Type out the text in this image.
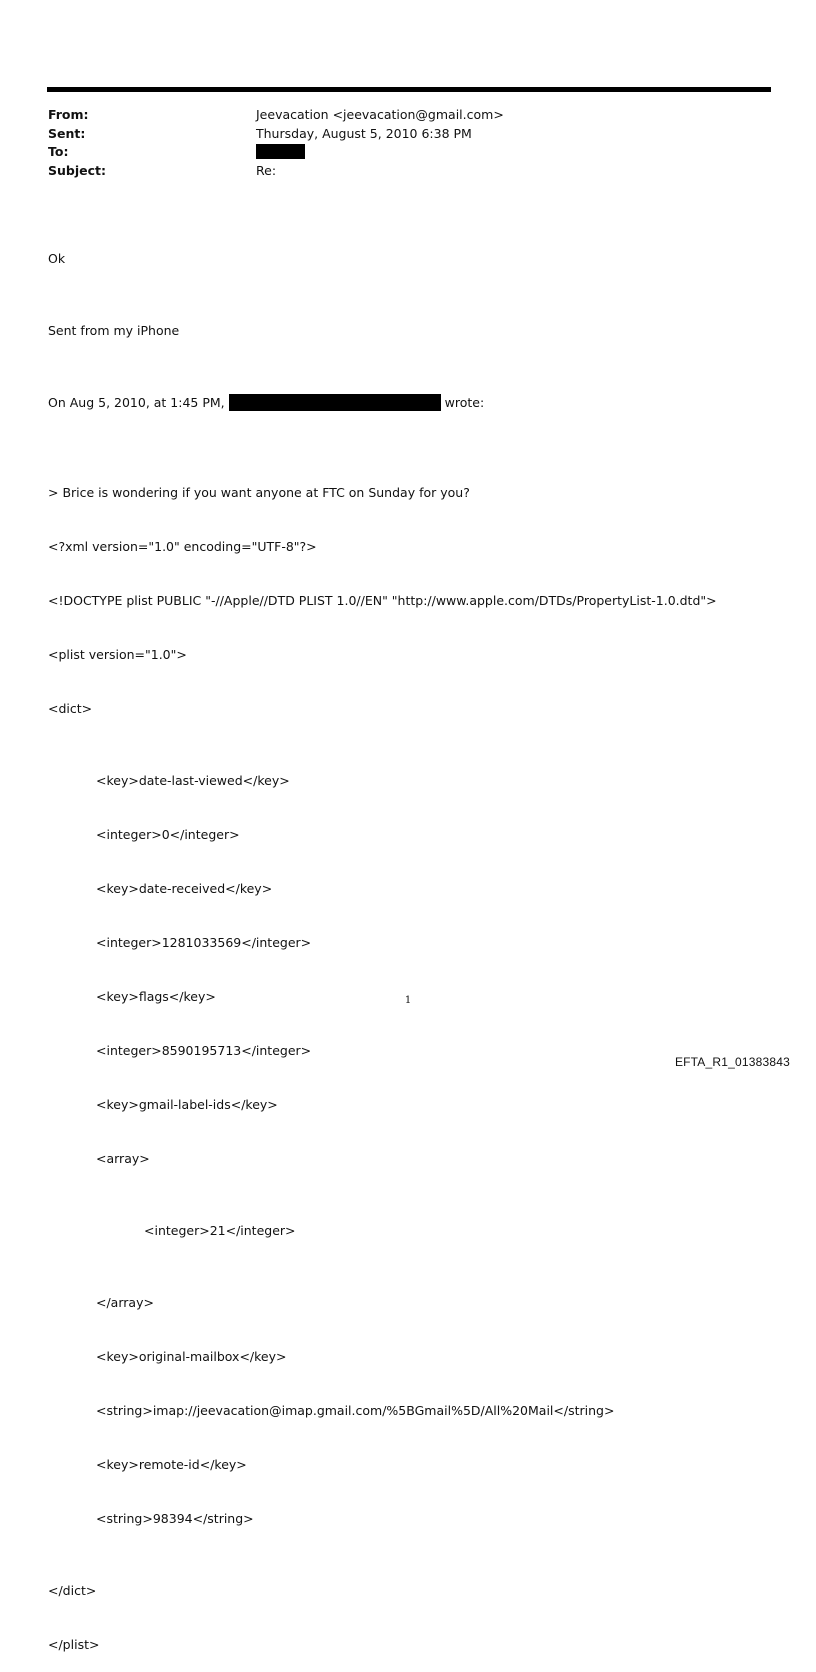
From:	Jeevacation <jeevacation@gmail.com>
Sent:	Thursday, August 5, 2010 6:38 PM
To:
Subject:	Re:

Ok

Sent from my iPhone

On Aug 5, 2010, at 1:45 PM,	wrote:

> Brice is wondering if you want anyone at FTC on Sunday for you?

<?xml version="1.0" encoding="UTF-8"?>

<!DOCTYPE plist PUBLIC "-//Apple//DTD PLIST 1.0//EN" "http://www.apple.com/DTDs/PropertyList-1.0.dtd">

<plist version="1.0">

<dict>

<key>date-last-viewed</key>

<integer>0</integer>

<key>date-received</key>

<integer>1281033569</integer>

<key>flags</key>

<integer>8590195713</integer>

<key>gmail-label-ids</key>

<array>

<integer>21</integer>

</array>

<key>original-mailbox</key>

<string>imap://jeevacation@imap.gmail.com/%5BGmail%5D/All%20Mail</string>

<key>remote-id</key>

<string>98394</string>

</dict>

</plist>

1
EFTA_R1_01383843
